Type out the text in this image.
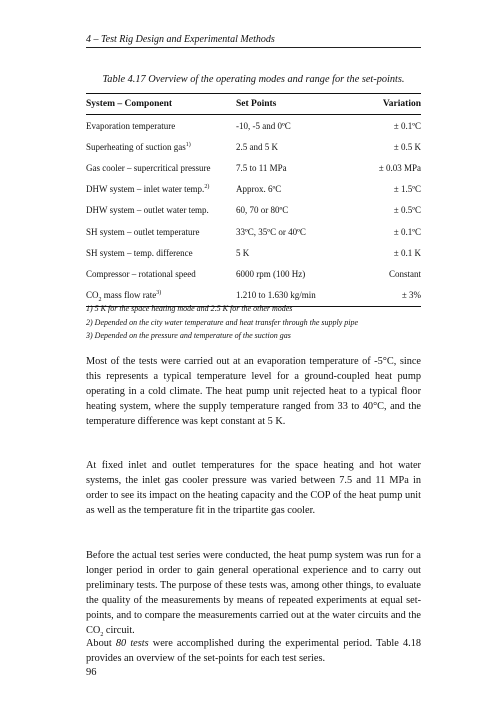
4 – Test Rig Design and Experimental Methods
Table 4.17 Overview of the operating modes and range for the set-points.
System – Component	Set Points	Variation
Evaporation temperature	-10, -5 and 0ºC	± 0.1ºC
Superheating of suction gas$^{1)}$	2.5 and 5 K	± 0.5 K
Gas cooler – supercritical pressure	7.5 to 11 MPa	± 0.03 MPa
DHW system – inlet water temp.$^{2)}$	Approx. 6ºC	± 1.5ºC
DHW system – outlet water temp.	60, 70 or 80ºC	± 0.5ºC
SH system – outlet temperature	33ºC, 35ºC or 40ºC	± 0.1ºC
SH system – temp. difference	5 K	± 0.1 K
Compressor – rotational speed	6000 rpm (100 Hz)	Constant
$CO_2$ mass flow rate$^{3)}$	1.210 to 1.630 kg/min	± 3%
1) 5 K for the space heating mode and 2.5 K for the other modes
2) Depended on the city water temperature and heat transfer through the supply pipe
3) Depended on the pressure and temperature of the suction gas

Most of the tests were carried out at an evaporation temperature of -5°C, since this represents a typical temperature level for a ground-coupled heat pump operating in a cold climate. The heat pump unit rejected heat to a typical floor heating system, where the supply temperature ranged from 33 to 40°C, and the temperature difference was kept constant at 5 K.

At fixed inlet and outlet temperatures for the space heating and hot water systems, the inlet gas cooler pressure was varied between 7.5 and 11 MPa in order to see its impact on the heating capacity and the COP of the heat pump unit as well as the temperature fit in the tripartite gas cooler.

Before the actual test series were conducted, the heat pump system was run for a longer period in order to gain general operational experience and to carry out preliminary tests. The purpose of these tests was, among other things, to evaluate the quality of the measurements by means of repeated experiments at equal set-points, and to compare the measurements carried out at the water circuits and the $CO_2$ circuit.

About 80 tests were accomplished during the experimental period. Table 4.18 provides an overview of the set-points for each test series.

96
